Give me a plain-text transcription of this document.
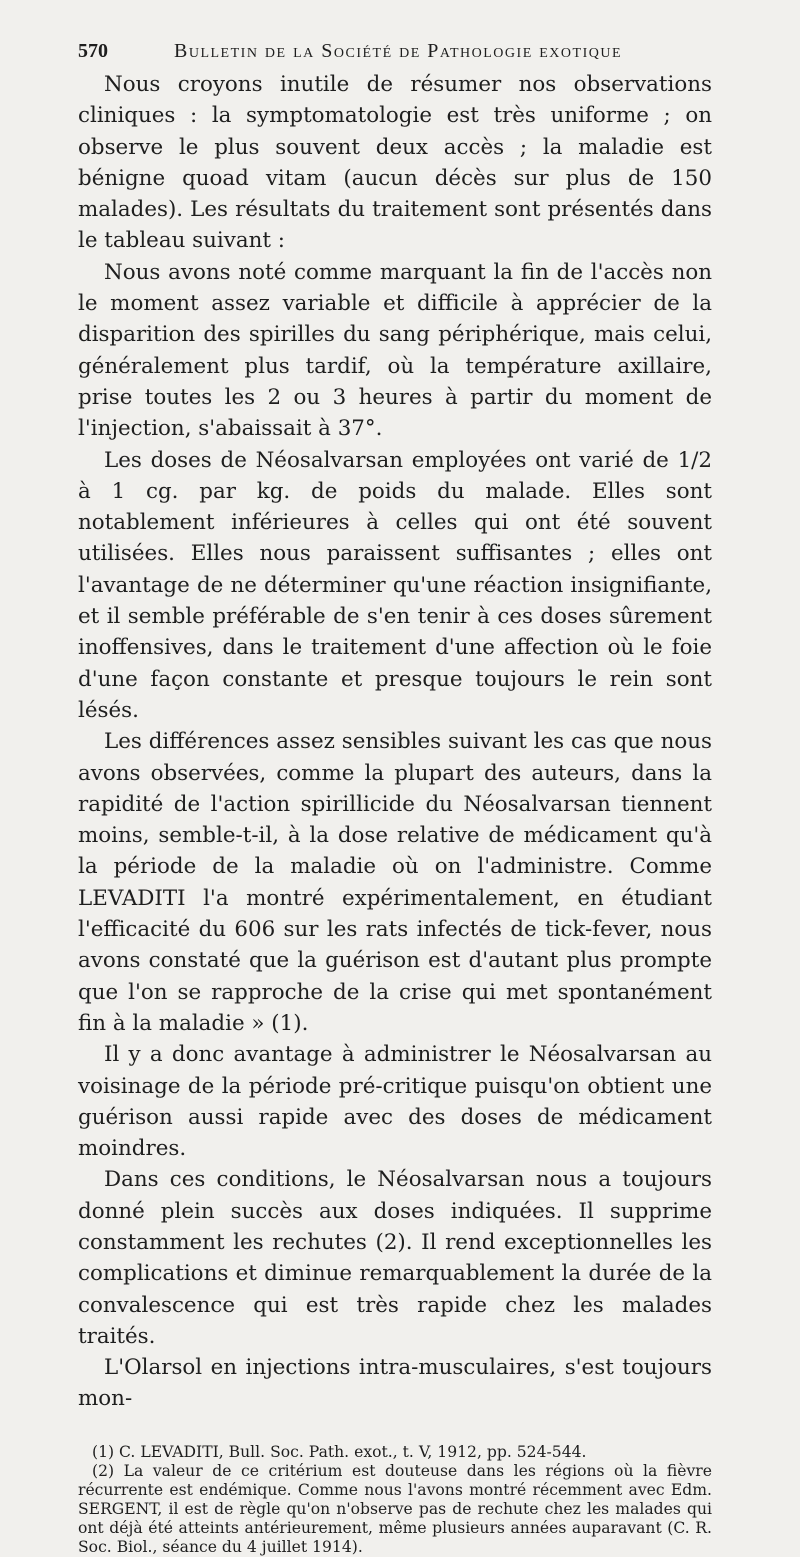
570	Bulletin de la Société de Pathologie exotique

Nous croyons inutile de résumer nos observations cliniques : la symptomatologie est très uniforme ; on observe le plus souvent deux accès ; la maladie est bénigne quoad vitam (aucun décès sur plus de 150 malades). Les résultats du traitement sont présentés dans le tableau suivant :

Nous avons noté comme marquant la fin de l'accès non le moment assez variable et difficile à apprécier de la disparition des spirilles du sang périphérique, mais celui, généralement plus tardif, où la température axillaire, prise toutes les 2 ou 3 heures à partir du moment de l'injection, s'abaissait à 37°.

Les doses de Néosalvarsan employées ont varié de 1/2 à 1 cg. par kg. de poids du malade. Elles sont notablement inférieures à celles qui ont été souvent utilisées. Elles nous paraissent suffisantes ; elles ont l'avantage de ne déterminer qu'une réaction insignifiante, et il semble préférable de s'en tenir à ces doses sûrement inoffensives, dans le traitement d'une affection où le foie d'une façon constante et presque toujours le rein sont lésés.

Les différences assez sensibles suivant les cas que nous avons observées, comme la plupart des auteurs, dans la rapidité de l'action spirillicide du Néosalvarsan tiennent moins, semble-t-il, à la dose relative de médicament qu'à la période de la maladie où on l'administre. Comme LEVADITI l'a montré expérimentalement, en étudiant l'efficacité du 606 sur les rats infectés de tick-fever, nous avons constaté que la guérison est d'autant plus prompte que l'on se rapproche de la crise qui met spontanément fin à la maladie » (1).

Il y a donc avantage à administrer le Néosalvarsan au voisinage de la période pré-critique puisqu'on obtient une guérison aussi rapide avec des doses de médicament moindres.

Dans ces conditions, le Néosalvarsan nous a toujours donné plein succès aux doses indiquées. Il supprime constamment les rechutes (2). Il rend exceptionnelles les complications et diminue remarquablement la durée de la convalescence qui est très rapide chez les malades traités.

L'Olarsol en injections intra-musculaires, s'est toujours mon-

(1) C. LEVADITI, Bull. Soc. Path. exot., t. V, 1912, pp. 524-544.

(2) La valeur de ce critérium est douteuse dans les régions où la fièvre récurrente est endémique. Comme nous l'avons montré récemment avec Edm. SERGENT, il est de règle qu'on n'observe pas de rechute chez les malades qui ont déjà été atteints antérieurement, même plusieurs années auparavant (C. R. Soc. Biol., séance du 4 juillet 1914).
